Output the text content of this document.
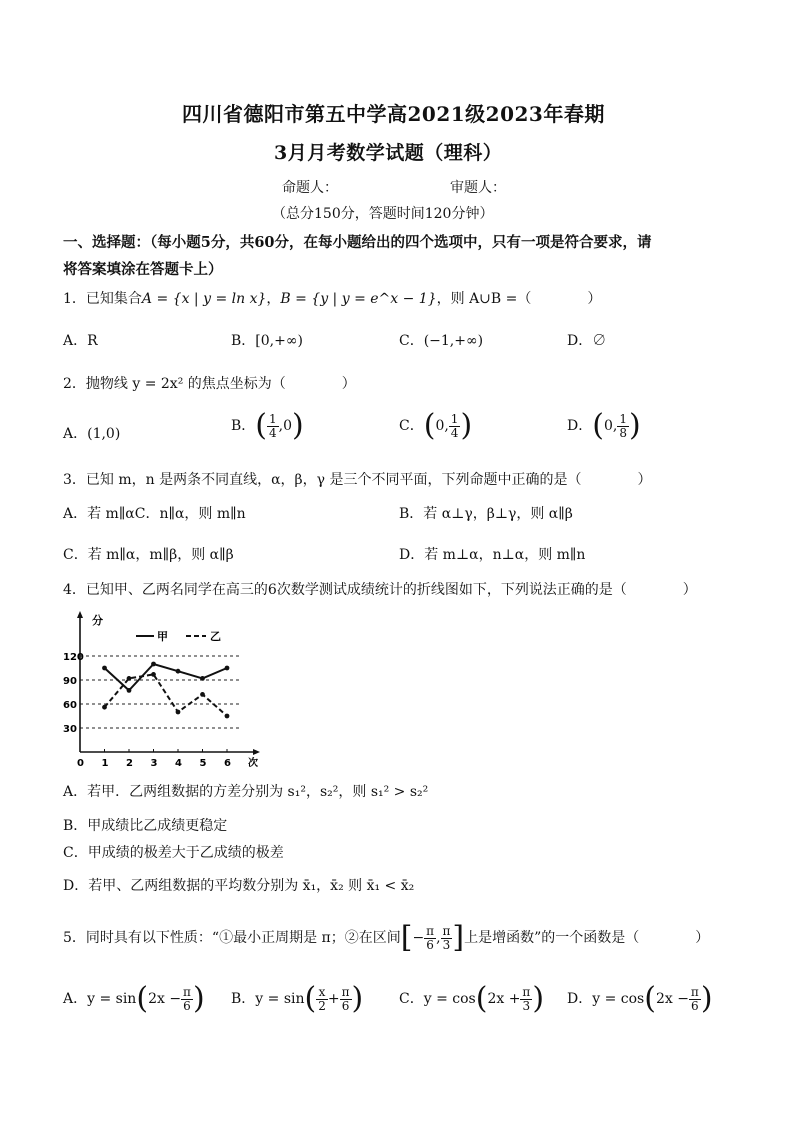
四川省德阳市第五中学高2021级2023年春期
3月月考数学试题（理科）
命题人：	审题人：
（总分150分，答题时间120分钟）
一、选择题：（每小题5分，共60分，在每小题给出的四个选项中，只有一项是符合要求，请
将答案填涂在答题卡上）
1．已知集合A = {x | y = ln x}，B = {y | y = e^x − 1}，则 A∪B =（　　　　）
A．R	B．[0,+∞)	C．(−1,+∞)	D．∅
2．抛物线 y = 2x² 的焦点坐标为（　　　　）
A．(1,0)	B．( $\frac{1}{4} ,0$)	C．(0, $\frac{1}{4}$ )	D．(0, $\frac{1}{8}$ )
3．已知 m，n 是两条不同直线，α，β，γ 是三个不同平面，下列命题中正确的是（　　　　）
A．若 m∥αC．n∥α，则 m∥n	B．若 α⊥γ，β⊥γ，则 α∥β
C．若 m∥α，m∥β，则 α∥β	D．若 m⊥α，n⊥α，则 m∥n
4．已知甲、乙两名同学在高三的6次数学测试成绩统计的折线图如下，下列说法正确的是（　　　　）
分
次
甲	乙
30
60
90
120
0 1 2 3 4 5 6
A．若甲．乙两组数据的方差分别为 s₁²，s₂²，则 s₁² > s₂²
B．甲成绩比乙成绩更稳定
C．甲成绩的极差大于乙成绩的极差
D．若甲、乙两组数据的平均数分别为 x̄₁，x̄₂ 则 x̄₁ < x̄₂
5．同时具有以下性质：“①最小正周期是 π；②在区间[− $\frac{\pi}{6}$ , $\frac{\pi}{3}$ ]上是增函数”的一个函数是（　　　　）
A．$y = \sin(2x - \frac{\pi}{6}$ ) B．$y = \sin( \frac{x}{2} + \frac{\pi}{6}$ )	C．$y = \cos(2x + \frac{\pi}{3}$ ) D．$y = \cos(2x - \frac{\pi}{6}$ )
